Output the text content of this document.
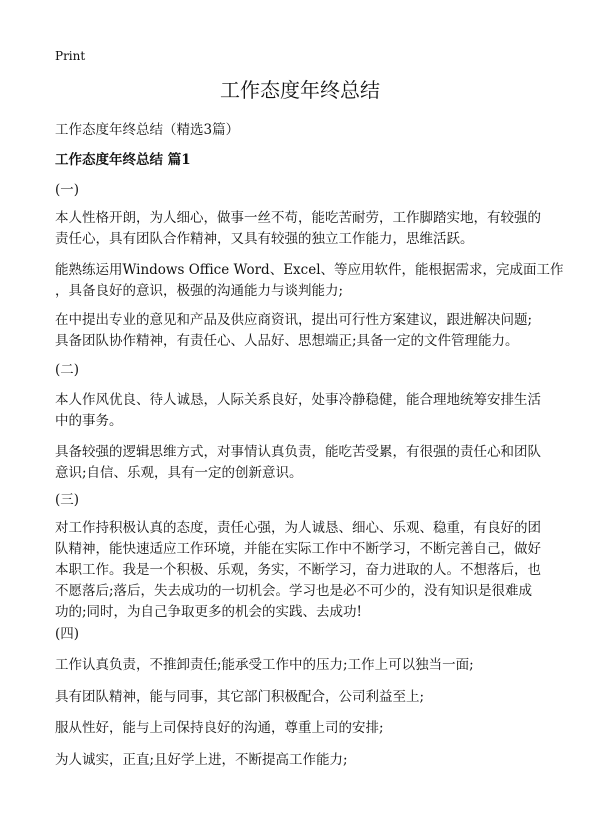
Print
工作态度年终总结
工作态度年终总结（精选3篇）
工作态度年终总结 篇1
(一)
本人性格开朗，为人细心，做事一丝不苟，能吃苦耐劳，工作脚踏实地，有较强的
责任心，具有团队合作精神，又具有较强的独立工作能力，思维活跃。
能熟练运用Windows Office Word、Excel、等应用软件，能根据需求，完成面工作
，具备良好的意识，极强的沟通能力与谈判能力;
在中提出专业的意见和产品及供应商资讯，提出可行性方案建议，跟进解决问题;
具备团队协作精神，有责任心、人品好、思想端正;具备一定的文件管理能力。
(二)
本人作风优良、待人诚恳，人际关系良好，处事冷静稳健，能合理地统筹安排生活
中的事务。
具备较强的逻辑思维方式，对事情认真负责，能吃苦受累，有很强的责任心和团队
意识;自信、乐观，具有一定的创新意识。
(三)
对工作持积极认真的态度，责任心强，为人诚恳、细心、乐观、稳重，有良好的团
队精神，能快速适应工作环境，并能在实际工作中不断学习，不断完善自己，做好
本职工作。我是一个积极、乐观，务实，不断学习，奋力进取的人。不想落后，也
不愿落后;落后，失去成功的一切机会。学习也是必不可少的，没有知识是很难成
功的;同时，为自己争取更多的机会的实践、去成功!
(四)
工作认真负责，不推卸责任;能承受工作中的压力;工作上可以独当一面;
具有团队精神，能与同事，其它部门积极配合，公司利益至上;
服从性好，能与上司保持良好的沟通，尊重上司的安排;
为人诚实，正直;且好学上进，不断提高工作能力;
